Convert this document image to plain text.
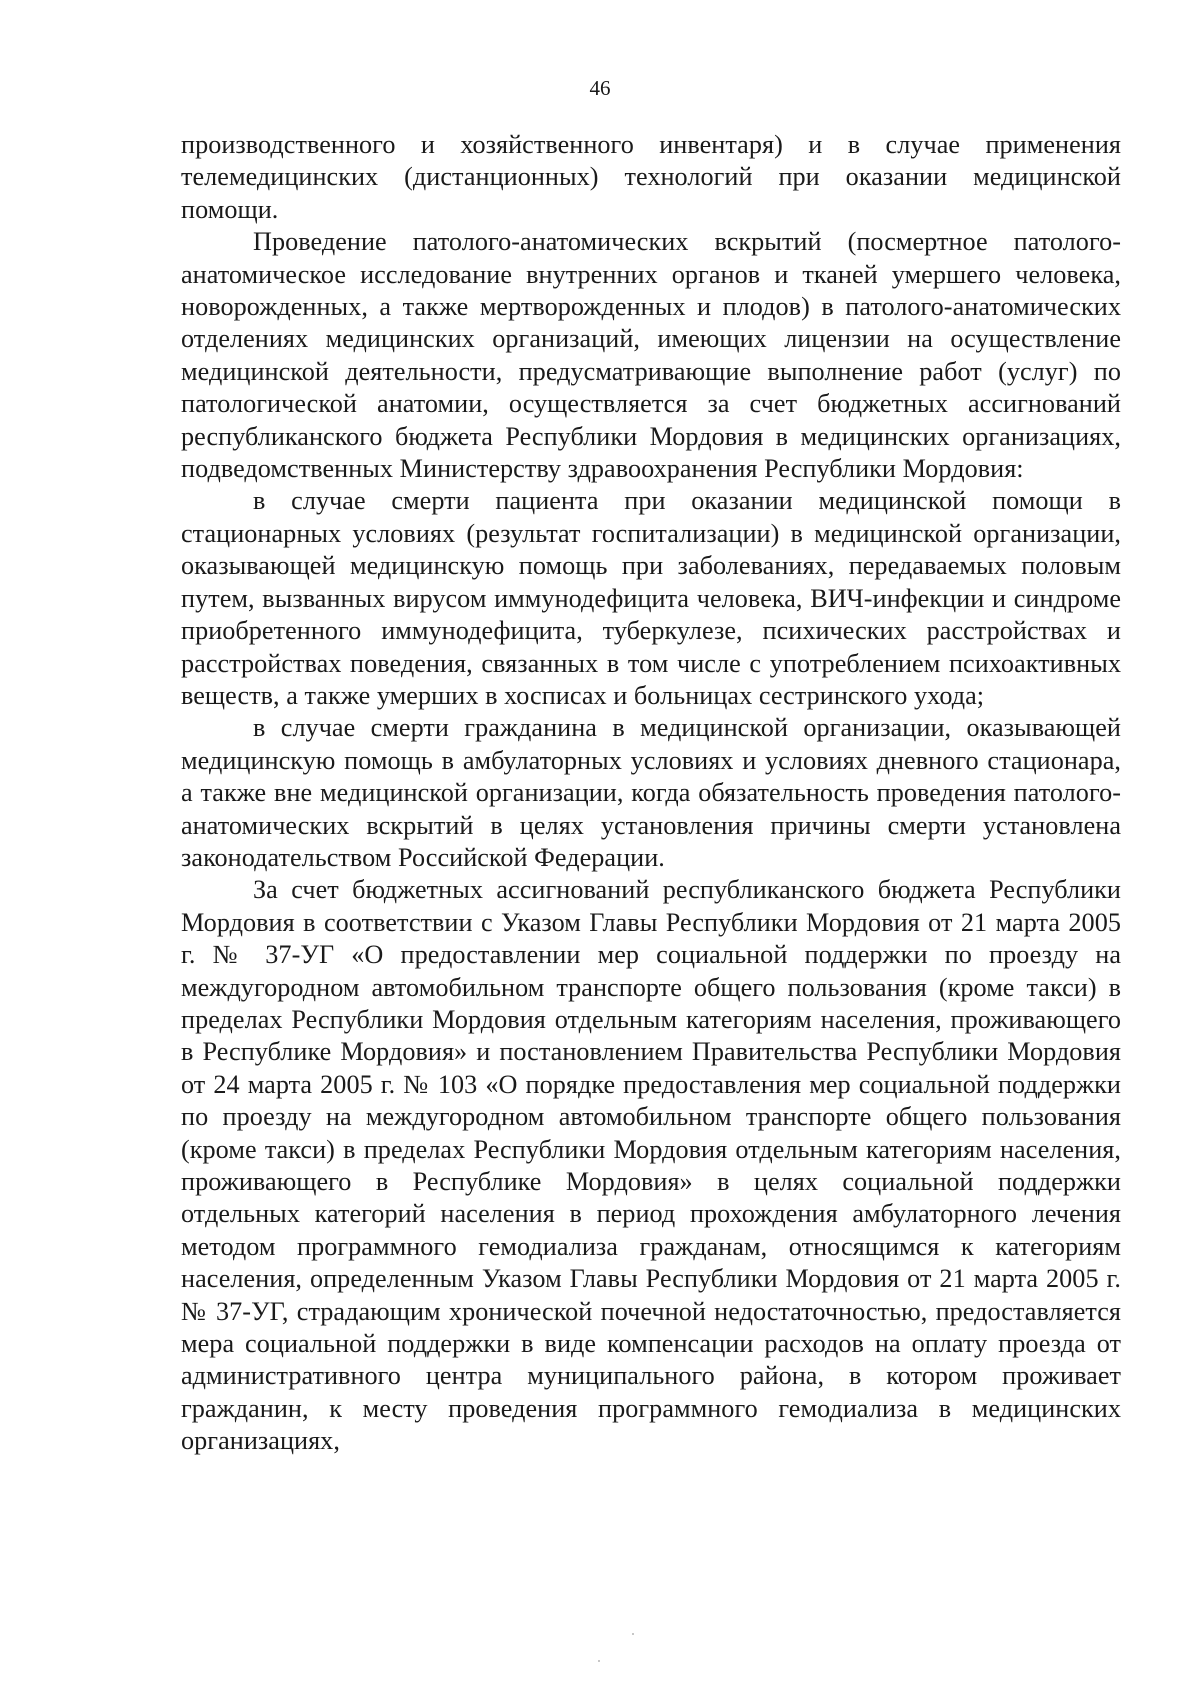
46

производственного и хозяйственного инвентаря) и в случае применения телемедицинских (дистанционных) технологий при оказании медицинской помощи.

Проведение патолого-анатомических вскрытий (посмертное патолого-анатомическое исследование внутренних органов и тканей умершего человека, новорожденных, а также мертворожденных и плодов) в патолого-анатомических отделениях медицинских организаций, имеющих лицензии на осуществление медицинской деятельности, предусматривающие выполнение работ (услуг) по патологической анатомии, осуществляется за счет бюджетных ассигнований республиканского бюджета Республики Мордовия в медицинских организациях, подведомственных Министерству здравоохранения Республики Мордовия:

в случае смерти пациента при оказании медицинской помощи в стационарных условиях (результат госпитализации) в медицинской организации, оказывающей медицинскую помощь при заболеваниях, передаваемых половым путем, вызванных вирусом иммунодефицита человека, ВИЧ-инфекции и синдроме приобретенного иммунодефицита, туберкулезе, психических расстройствах и расстройствах поведения, связанных в том числе с употреблением психоактивных веществ, а также умерших в хосписах и больницах сестринского ухода;

в случае смерти гражданина в медицинской организации, оказывающей медицинскую помощь в амбулаторных условиях и условиях дневного стационара, а также вне медицинской организации, когда обязательность проведения патолого-анатомических вскрытий в целях установления причины смерти установлена законодательством Российской Федерации.

За счет бюджетных ассигнований республиканского бюджета Республики Мордовия в соответствии с Указом Главы Республики Мордовия от 21 марта 2005 г. № 37-УГ «О предоставлении мер социальной поддержки по проезду на междугородном автомобильном транспорте общего пользования (кроме такси) в пределах Республики Мордовия отдельным категориям населения, проживающего в Республике Мордовия» и постановлением Правительства Республики Мордовия от 24 марта 2005 г. № 103 «О порядке предоставления мер социальной поддержки по проезду на междугородном автомобильном транспорте общего пользования (кроме такси) в пределах Республики Мордовия отдельным категориям населения, проживающего в Республике Мордовия» в целях социальной поддержки отдельных категорий населения в период прохождения амбулаторного лечения методом программного гемодиализа гражданам, относящимся к категориям населения, определенным Указом Главы Республики Мордовия от 21 марта 2005 г. № 37-УГ, страдающим хронической почечной недостаточностью, предоставляется мера социальной поддержки в виде компенсации расходов на оплату проезда от административного центра муниципального района, в котором проживает гражданин, к месту проведения программного гемодиализа в медицинских организациях,
